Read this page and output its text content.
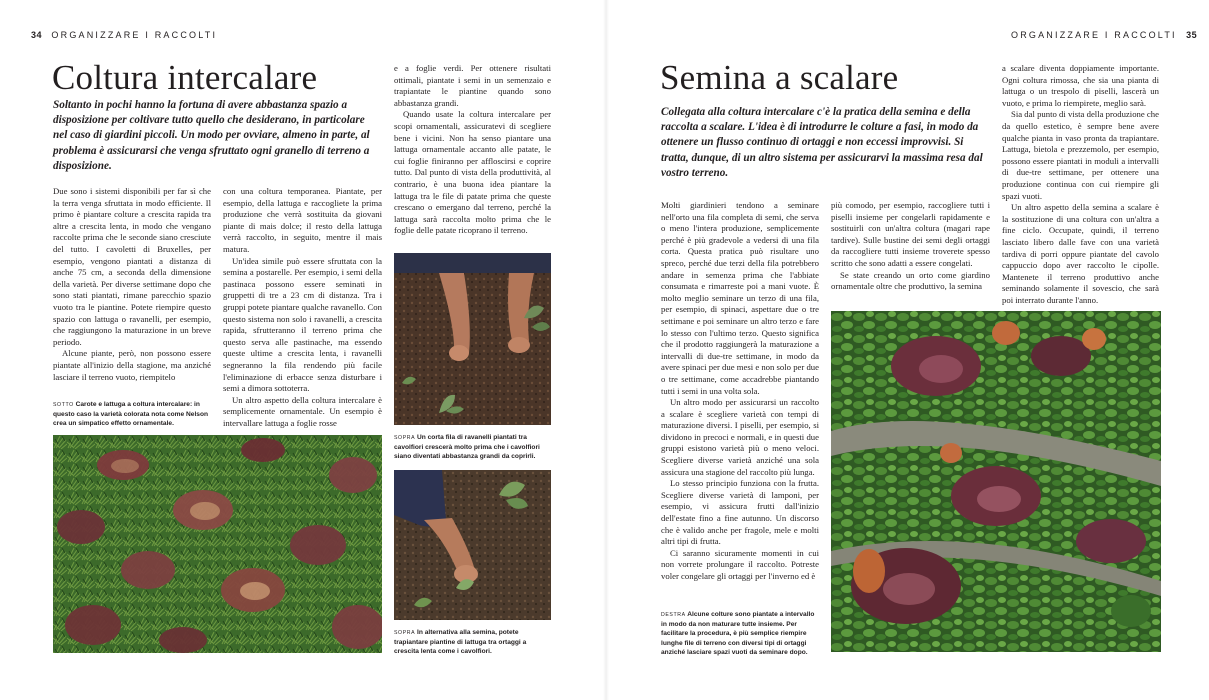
34 ORGANIZZARE I RACCOLTI
Coltura intercalare

Soltanto in pochi hanno la fortuna di avere abbastanza spazio a disposizione per coltivare tutto quello che desiderano, in particolare nel caso di giardini piccoli. Un modo per ovviare, almeno in parte, al problema è assicurarsi che venga sfruttato ogni granello di terreno a disposizione.

Due sono i sistemi disponibili per far sì che la terra venga sfruttata in modo efficiente. Il primo è piantare colture a crescita rapida tra altre a crescita lenta, in modo che vengano raccolte prima che le seconde siano cresciute del tutto. I cavoletti di Bruxelles, per esempio, vengono piantati a distanza di anche 75 cm, a seconda della dimensione della varietà. Per diverse settimane dopo che sono stati piantati, rimane parecchio spazio vuoto tra le piantine. Potete riempire questo spazio con lattuga o ravanelli, per esempio, che raggiungono la maturazione in un breve periodo.

Alcune piante, però, non possono essere piantate all'inizio della stagione, ma anziché lasciare il terreno vuoto, riempitelo

con una coltura temporanea. Piantate, per esempio, della lattuga e raccogliete la prima produzione che verrà sostituita da giovani piante di mais dolce; il resto della lattuga verrà raccolto, in seguito, mentre il mais matura.

Un'idea simile può essere sfruttata con la semina a postarelle. Per esempio, i semi della pastinaca possono essere seminati in gruppetti di tre a 23 cm di distanza. Tra i gruppi potete piantare qualche ravanello. Con questo sistema non solo i ravanelli, a crescita rapida, sfrutteranno il terreno prima che questo serva alle pastinache, ma essendo queste ultime a crescita lenta, i ravanelli segneranno la fila rendendo più facile l'eliminazione di erbacce senza disturbare i semi a dimora sottoterra.

Un altro aspetto della coltura intercalare è semplicemente ornamentale. Un esempio è intervallare lattuga a foglie rosse

e a foglie verdi. Per ottenere risultati ottimali, piantate i semi in un semenzaio e trapiantate le piantine quando sono abbastanza grandi.

Quando usate la coltura intercalare per scopi ornamentali, assicuratevi di scegliere bene i vicini. Non ha senso piantare una lattuga ornamentale accanto alle patate, le cui foglie finiranno per affloscirsi e coprire tutto. Dal punto di vista della produttività, al contrario, è una buona idea piantare la lattuga tra le file di patate prima che queste crescano o emergano dal terreno, perché la lattuga sarà raccolta molto prima che le foglie delle patate ricoprano il terreno.

SOTTO Carote e lattuga a coltura intercalare: in questo caso la varietà colorata nota come Nelson crea un simpatico effetto ornamentale.

SOPRA Un corta fila di ravanelli piantati tra cavolfiori crescerà molto prima che i cavolfiori siano diventati abbastanza grandi da coprirli.

SOPRA In alternativa alla semina, potete trapiantare piantine di lattuga tra ortaggi a crescita lenta come i cavolfiori.

ORGANIZZARE I RACCOLTI 35
Semina a scalare

Collegata alla coltura intercalare c'è la pratica della semina e della raccolta a scalare. L'idea è di introdurre le colture a fasi, in modo da ottenere un flusso continuo di ortaggi e non eccessi improvvisi. Si tratta, dunque, di un altro sistema per assicurarvi la massima resa dal vostro terreno.

Molti giardinieri tendono a seminare nell'orto una fila completa di semi, che serva o meno l'intera produzione, semplicemente perché è più gradevole a vedersi di una fila corta. Questa pratica può risultare uno spreco, perché due terzi della fila potrebbero andare in semenza prima che l'abbiate consumata e rimarreste poi a mani vuote. È molto meglio seminare un terzo di una fila, per esempio, di spinaci, aspettare due o tre settimane e poi seminare un altro terzo e fare lo stesso con l'ultimo terzo. Questo significa che il prodotto raggiungerà la maturazione a intervalli di due-tre settimane, in modo da avere spinaci per due mesi e non solo per due o tre settimane, come accadrebbe piantando tutti i semi in una volta sola.

Un altro modo per assicurarsi un raccolto a scalare è scegliere varietà con tempi di maturazione diversi. I piselli, per esempio, si dividono in precoci e normali, e in questi due gruppi esistono varietà più o meno veloci. Scegliere diverse varietà anziché una sola assicura una stagione del raccolto più lunga.

Lo stesso principio funziona con la frutta. Scegliere diverse varietà di lamponi, per esempio, vi assicura frutti dall'inizio dell'estate fino a fine autunno. Un discorso che è valido anche per fragole, mele e molti altri tipi di frutta.

Ci saranno sicuramente momenti in cui non vorrete prolungare il raccolto. Potreste voler congelare gli ortaggi per l'inverno ed è

più comodo, per esempio, raccogliere tutti i piselli insieme per congelarli rapidamente e sostituirli con un'altra coltura (magari rape tardive). Sulle bustine dei semi degli ortaggi da raccogliere tutti insieme troverete spesso scritto che sono adatti a essere congelati.

Se state creando un orto come giardino ornamentale oltre che produttivo, la semina

a scalare diventa doppiamente importante. Ogni coltura rimossa, che sia una pianta di lattuga o un trespolo di piselli, lascerà un vuoto, e prima lo riempirete, meglio sarà.

Sia dal punto di vista della produzione che da quello estetico, è sempre bene avere qualche pianta in vaso pronta da trapiantare. Lattuga, bietola e prezzemolo, per esempio, possono essere piantati in moduli a intervalli di due-tre settimane, per ottenere una produzione continua con cui riempire gli spazi vuoti.

Un altro aspetto della semina a scalare è la sostituzione di una coltura con un'altra a fine ciclo. Occupate, quindi, il terreno lasciato libero dalle fave con una varietà tardiva di porri oppure piantate del cavolo cappuccio dopo aver raccolto le cipolle. Mantenete il terreno produttivo anche seminando solamente il sovescio, che sarà poi interrato durante l'anno.

DESTRA Alcune colture sono piantate a intervallo in modo da non maturare tutte insieme. Per facilitare la procedura, è più semplice riempire lunghe file di terreno con diversi tipi di ortaggi anziché lasciare spazi vuoti da seminare dopo.
